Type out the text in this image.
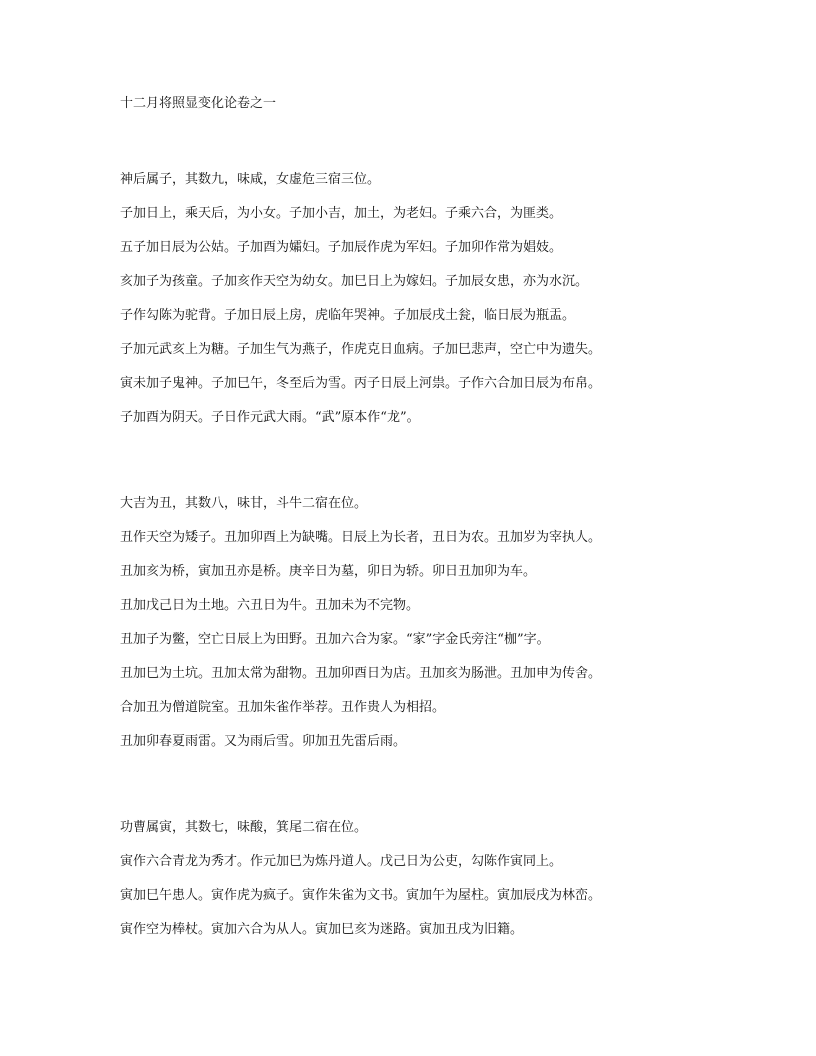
十二月将照显变化论卷之一

神后属子，其数九，味咸，女虚危三宿三位。

子加日上，乘天后，为小女。子加小吉，加土，为老妇。子乘六合，为匪类。

五子加日辰为公姑。子加酉为孀妇。子加辰作虎为军妇。子加卯作常为娼妓。

亥加子为孩童。子加亥作天空为幼女。加巳日上为嫁妇。子加辰女患，亦为水沉。

子作勾陈为驼背。子加日辰上房，虎临年哭神。子加辰戌土瓮，临日辰为瓶盂。

子加元武亥上为糖。子加生气为燕子，作虎克日血病。子加巳悲声，空亡中为遗失。

寅未加子鬼神。子加巳午，冬至后为雪。丙子日辰上河祟。子作六合加日辰为布帛。

子加酉为阴天。子日作元武大雨。“武”原本作“龙”。

大吉为丑，其数八，味甘，斗牛二宿在位。

丑作天空为矮子。丑加卯酉上为缺嘴。日辰上为长者，丑日为农。丑加岁为宰执人。

丑加亥为桥，寅加丑亦是桥。庚辛日为墓，卯日为轿。卯日丑加卯为车。

丑加戊己日为土地。六丑日为牛。丑加未为不完物。

丑加子为鳖，空亡日辰上为田野。丑加六合为家。“家”字金氏旁注“枷”字。

丑加巳为土坑。丑加太常为甜物。丑加卯酉日为店。丑加亥为肠泄。丑加申为传舍。

合加丑为僧道院室。丑加朱雀作举荐。丑作贵人为相招。

丑加卯春夏雨雷。又为雨后雪。卯加丑先雷后雨。

功曹属寅，其数七，味酸，箕尾二宿在位。

寅作六合青龙为秀才。作元加巳为炼丹道人。戊己日为公吏，勾陈作寅同上。

寅加巳午患人。寅作虎为疯子。寅作朱雀为文书。寅加午为屋柱。寅加辰戌为林峦。

寅作空为棒杖。寅加六合为从人。寅加巳亥为迷路。寅加丑戌为旧籍。
